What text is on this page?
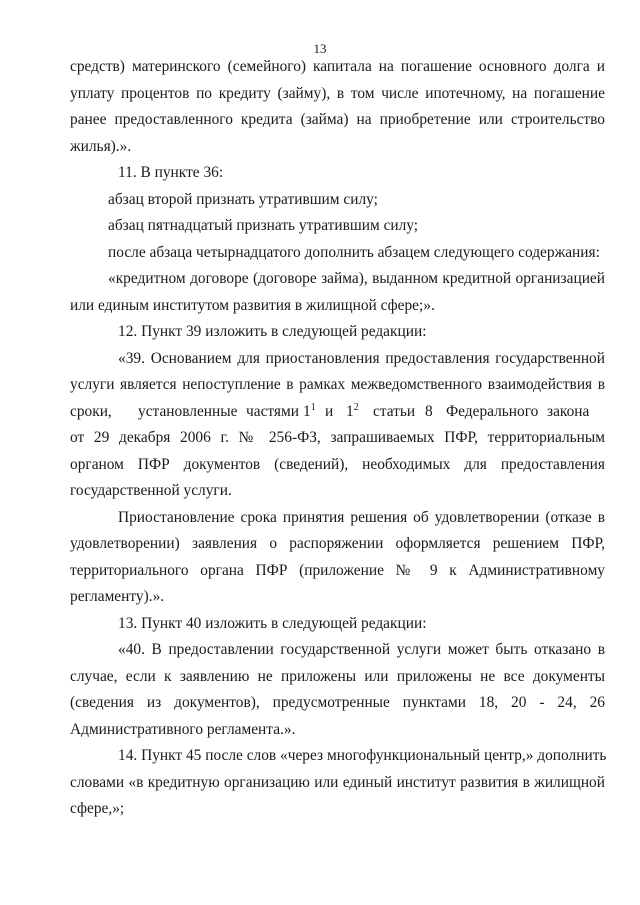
13
средств) материнского (семейного) капитала на погашение основного долга и
уплату процентов по кредиту (займу), в том числе ипотечному, на погашение
ранее предоставленного кредита (займа) на приобретение или строительство
жилья).».
11. В пункте 36:
абзац второй признать утратившим силу;
абзац пятнадцатый признать утратившим силу;
после абзаца четырнадцатого дополнить абзацем следующего содержания:
«кредитном договоре (договоре займа), выданном кредитной организацией
или единым институтом развития в жилищной сфере;».
12. Пункт 39 изложить в следующей редакции:
«39. Основанием для приостановления предоставления государственной
услуги является непоступление в рамках межведомственного взаимодействия в
сроки, установленные частями $1^1$ и $1^2$ статьи 8 Федерального закона
от 29 декабря 2006 г. № 256-ФЗ, запрашиваемых ПФР, территориальным
органом ПФР документов (сведений), необходимых для предоставления
государственной услуги.
Приостановление срока принятия решения об удовлетворении (отказе в
удовлетворении) заявления о распоряжении оформляется решением ПФР,
территориального органа ПФР (приложение № 9 к Административному
регламенту).».
13. Пункт 40 изложить в следующей редакции:
«40. В предоставлении государственной услуги может быть отказано в
случае, если к заявлению не приложены или приложены не все документы
(сведения из документов), предусмотренные пунктами 18, 20 - 24, 26
Административного регламента.».
14. Пункт 45 после слов «через многофункциональный центр,» дополнить
словами «в кредитную организацию или единый институт развития в жилищной
сфере,»;
